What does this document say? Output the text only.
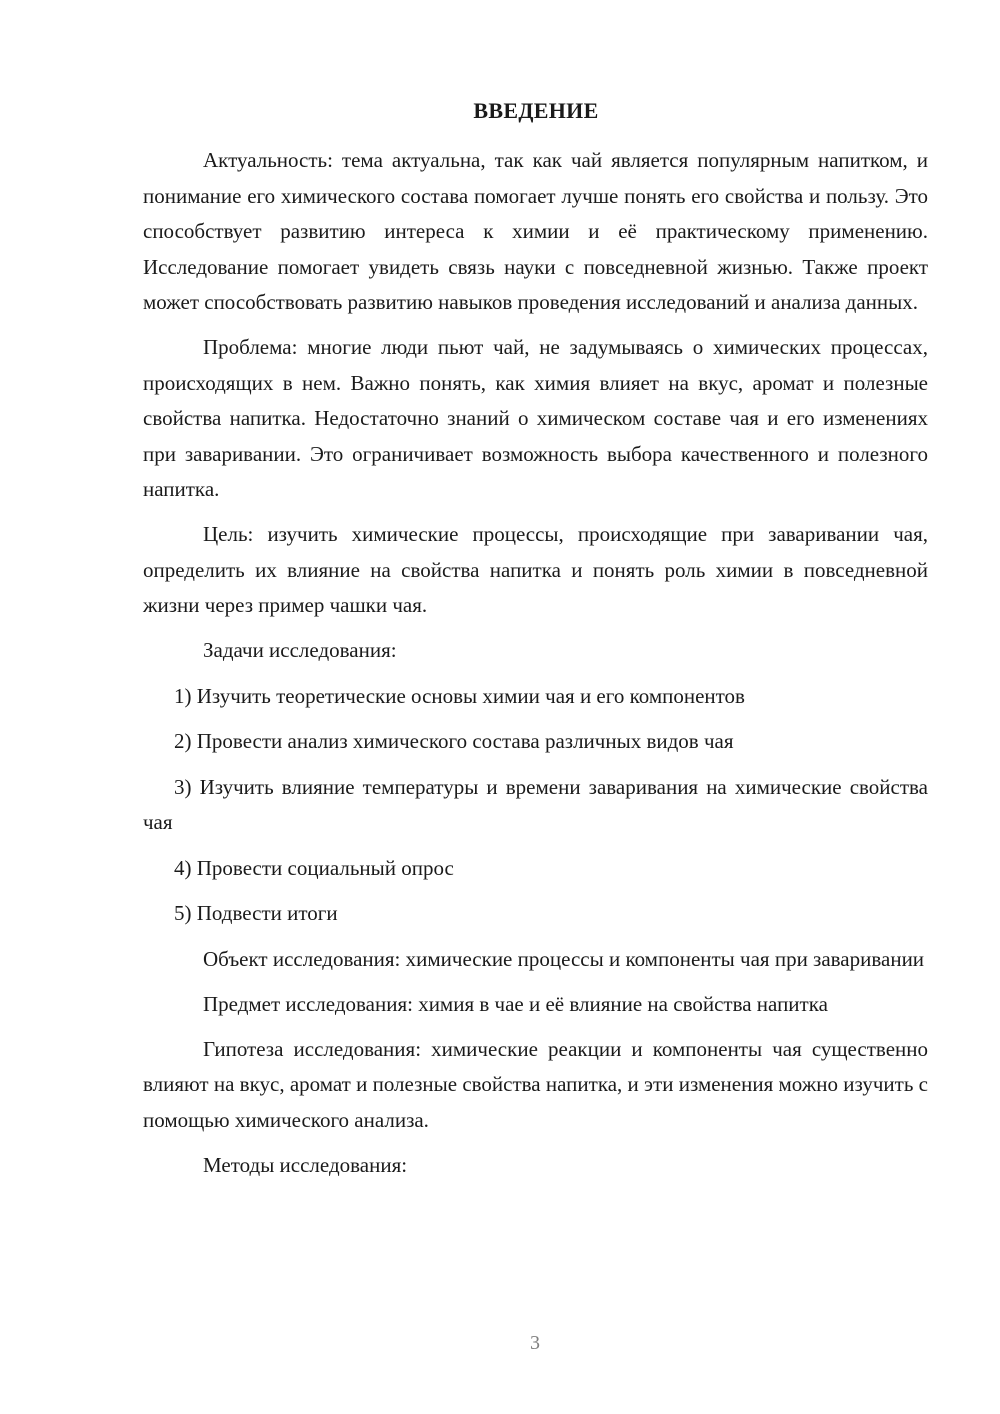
ВВЕДЕНИЕ

Актуальность: тема актуальна, так как чай является популярным напитком, и понимание его химического состава помогает лучше понять его свойства и пользу. Это способствует развитию интереса к химии и её практическому применению. Исследование помогает увидеть связь науки с повседневной жизнью. Также проект может способствовать развитию навыков проведения исследований и анализа данных.

Проблема: многие люди пьют чай, не задумываясь о химических процессах, происходящих в нем. Важно понять, как химия влияет на вкус, аромат и полезные свойства напитка. Недостаточно знаний о химическом составе чая и его изменениях при заваривании. Это ограничивает возможность выбора качественного и полезного напитка.

Цель: изучить химические процессы, происходящие при заваривании чая, определить их влияние на свойства напитка и понять роль химии в повседневной жизни через пример чашки чая.

Задачи исследования:

1) Изучить теоретические основы химии чая и его компонентов

2) Провести анализ химического состава различных видов чая

3) Изучить влияние температуры и времени заваривания на химические свойства чая

4) Провести социальный опрос

5) Подвести итоги

Объект исследования: химические процессы и компоненты чая при заваривании

Предмет исследования: химия в чае и её влияние на свойства напитка

Гипотеза исследования: химические реакции и компоненты чая существенно влияют на вкус, аромат и полезные свойства напитка, и эти изменения можно изучить с помощью химического анализа.

Методы исследования:

3
